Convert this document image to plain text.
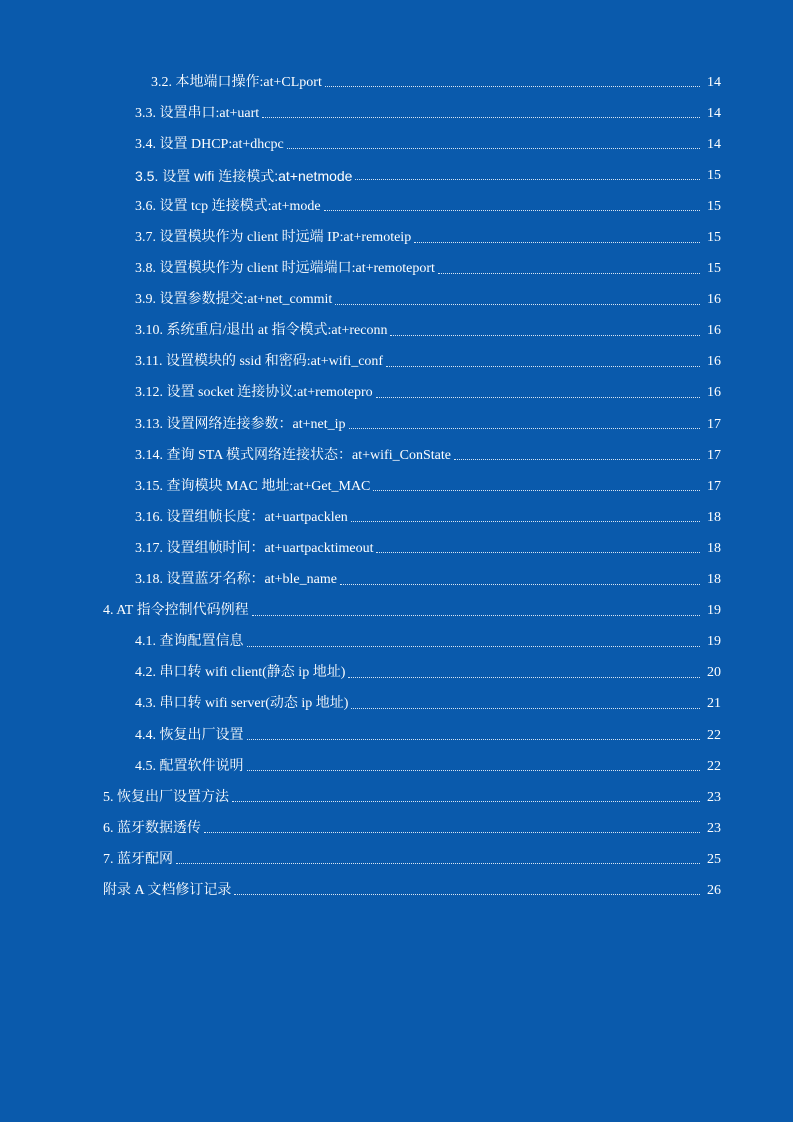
3.2. 本地端口操作:at+CLport	14
3.3. 设置串口:at+uart	14
3.4. 设置 DHCP:at+dhcpc	14
3.5. 设置 wifi 连接模式:at+netmode	15
3.6. 设置 tcp 连接模式:at+mode	15
3.7. 设置模块作为 client 时远端 IP:at+remoteip	15
3.8. 设置模块作为 client 时远端端口:at+remoteport	15
3.9. 设置参数提交:at+net_commit	16
3.10. 系统重启/退出 at 指令模式:at+reconn	16
3.11. 设置模块的 ssid 和密码:at+wifi_conf	16
3.12. 设置 socket 连接协议:at+remotepro	16
3.13. 设置网络连接参数：at+net_ip	17
3.14. 查询 STA 模式网络连接状态：at+wifi_ConState	17
3.15. 查询模块 MAC 地址:at+Get_MAC	17
3.16. 设置组帧长度：at+uartpacklen	18
3.17. 设置组帧时间：at+uartpacktimeout	18
3.18. 设置蓝牙名称：at+ble_name	18
4. AT 指令控制代码例程	19
4.1. 查询配置信息	19
4.2. 串口转 wifi client(静态 ip 地址)	20
4.3. 串口转 wifi server(动态 ip 地址)	21
4.4. 恢复出厂设置	22
4.5. 配置软件说明	22
5. 恢复出厂设置方法	23
6. 蓝牙数据透传	23
7. 蓝牙配网	25
附录 A 文档修订记录	26
